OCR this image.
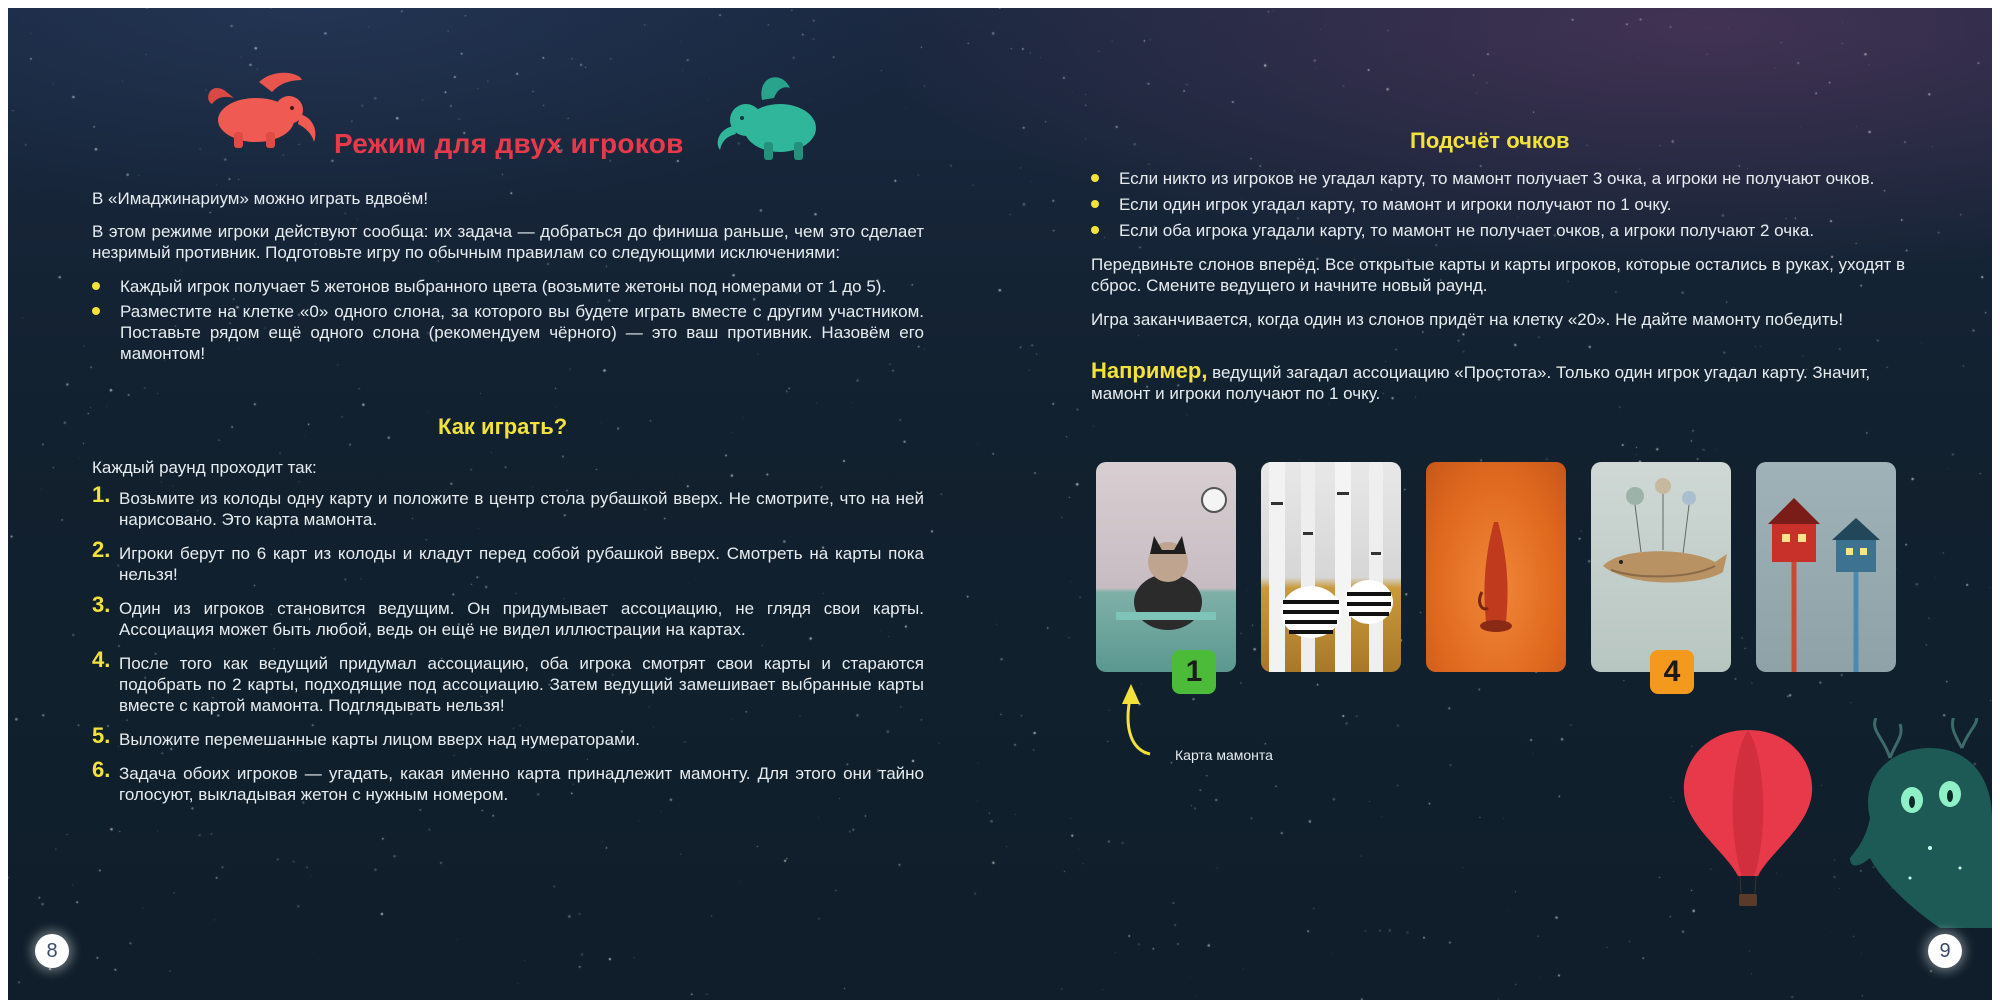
Режим для двух игроков
В «Имаджинариум» можно играть вдвоём!
В этом режиме игроки действуют сообща: их задача — добраться до финиша раньше, чем это сделает незримый противник. Подготовьте игру по обычным правилам со следующими исключениями:
Каждый игрок получает 5 жетонов выбранного цвета (возьмите жетоны под номерами от 1 до 5).
Разместите на клетке «0» одного слона, за которого вы будете играть вместе с другим участником. Поставьте рядом ещё одного слона (рекомендуем чёрного) — это ваш противник. Назовём его мамонтом!
Как играть?
Каждый раунд проходит так:
1. Возьмите из колоды одну карту и положите в центр стола рубашкой вверх. Не смотрите, что на ней нарисовано. Это карта мамонта.
2. Игроки берут по 6 карт из колоды и кладут перед собой рубашкой вверх. Смотреть на карты пока нельзя!
3. Один из игроков становится ведущим. Он придумывает ассоциацию, не глядя свои карты. Ассоциация может быть любой, ведь он ещё не видел иллюстрации на картах.
4. После того как ведущий придумал ассоциацию, оба игрока смотрят свои карты и стараются подобрать по 2 карты, подходящие под ассоциацию. Затем ведущий замешивает выбранные карты вместе с картой мамонта. Подглядывать нельзя!
5. Выложите перемешанные карты лицом вверх над нумераторами.
6. Задача обоих игроков — угадать, какая именно карта принадлежит мамонту. Для этого они тайно голосуют, выкладывая жетон с нужным номером.
8
Подсчёт очков
Если никто из игроков не угадал карту, то мамонт получает 3 очка, а игроки не получают очков.
Если один игрок угадал карту, то мамонт и игроки получают по 1 очку.
Если оба игрока угадали карту, то мамонт не получает очков, а игроки получают 2 очка.
Передвиньте слонов вперёд. Все открытые карты и карты игроков, которые остались в руках, уходят в сброс. Смените ведущего и начните новый раунд.
Игра заканчивается, когда один из слонов придёт на клетку «20». Не дайте мамонту победить!
Например, ведущий загадал ассоциацию «Простота». Только один игрок угадал карту. Значит, мамонт и игроки получают по 1 очку.
1	4
Карта мамонта
9
